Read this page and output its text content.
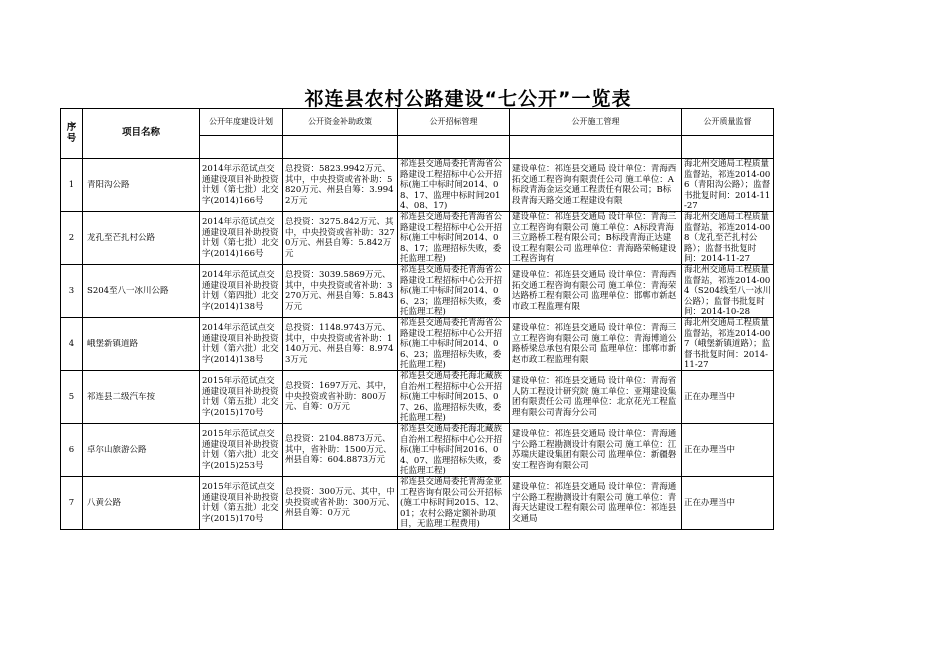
祁连县农村公路建设“七公开”一览表
序号	项目名称	公开年度建设计划	公开资金补助政策	公开招标管理	公开施工管理	公开质量监督

1	青阳沟公路	2014年示范试点交通建设项目补助投资计划（第七批）北交字(2014)166号	总投资：5823.9942万元、其中，中央投资或省补助：5820万元、州县自筹：3.9942万元	祁连县交通局委托青海省公路建设工程招标中心公开招标(施工中标时间2014、08、17、监理中标时间2014、08、17)	建设单位：祁连县交通局 设计单位：青海西拓交通工程咨询有限责任公司 施工单位：A标段青海金运交通工程责任有限公司；B标段青海天路交通工程建设有限	海北州交通局工程质量监督站，祁连2014-006（青阳沟公路）；监督书批复时间：2014-11-27

2	龙孔至芒扎村公路	2014年示范试点交通建设项目补助投资计划（第七批）北交字(2014)166号	总投资：3275.842万元、其中，中央投资或省补助：3270万元、州县自筹：5.842万元	祁连县交通局委托青海省公路建设工程招标中心公开招标(施工中标时间2014、08、17；监理招标失败，委托监理工程)	建设单位：祁连县交通局 设计单位：青海三立工程咨询有限公司 施工单位：A标段青海三立路桥工程有限公司；B标段青海正达建设工程有限公司 监理单位：青海路荣畅建设工程咨询有	海北州交通局工程质量监督站，祁连2014-008（龙孔至芒扎村公路）；监督书批复时间：2014-11-27

3	S204至八一冰川公路	2014年示范试点交通建设项目补助投资计划（第四批）北交字(2014)138号	总投资：3039.5869万元、其中，中央投资或省补助：3270万元、州县自筹：5.843万元	祁连县交通局委托青海省公路建设工程招标中心公开招标(施工中标时间2014、06、23；监理招标失败，委托监理工程)	建设单位：祁连县交通局 设计单位：青海西拓交通工程咨询有限公司 施工单位：青海荣达路桥工程有限公司 监理单位：邯郸市新赵市政工程监理有限	海北州交通局工程质量监督站，祁连2014-004（S204线至八一冰川公路）；监督书批复时间：2014-10-28

4	峨堡新镇道路	2014年示范试点交通建设项目补助投资计划（第六批）北交字(2014)138号	总投资：1148.9743万元、其中，中央投资或省补助：1140万元、州县自筹：8.9743万元	祁连县交通局委托青海省公路建设工程招标中心公开招标(施工中标时间2014、06、23；监理招标失败，委托监理工程)	建设单位：祁连县交通局 设计单位：青海三立工程咨询有限公司 施工单位：青海博道公路桥梁总承包有限公司 监理单位：邯郸市新赵市政工程监理有限	海北州交通局工程质量监督站，祁连2014-007（峨堡新镇道路）；监督书批复时间：2014-11-27

5	祁连县二级汽车按	2015年示范试点交通建设项目补助投资计划（第五批）北交字(2015)170号	总投资：1697万元、其中，中央投资或省补助：800万元、自筹：0万元	祁连县交通局委托海北藏族自治州工程招标中心公开招标(施工中标时间2015、07、26、监理招标失败，委托监理工程)	建设单位：祁连县交通局 设计单位：青海省人防工程设计研究院 施工单位：亚翔建设集团有限责任公司 监理单位：北京花光工程监理有限公司青海分公司	正在办理当中

6	卓尔山旅游公路	2015年示范试点交通建设项目补助投资计划（第六批）北交字(2015)253号	总投资：2104.8873万元、其中，省补助：1500万元、州县自筹：604.8873万元	祁连县交通局委托海北藏族自治州工程招标中心公开招标(施工中标时间2016、04、07、监理招标失败，委托监理工程)	建设单位：祁连县交通局 设计单位：青海通宁公路工程勘测设计有限公司 施工单位：江苏瑞庆建设集团有限公司 监理单位：新疆磐安工程咨询有限公司	正在办理当中

7	八黄公路	2015年示范试点交通建设项目补助投资计划（第五批）北交字(2015)170号	总投资：300万元、其中，中央投资或省补助：300万元、州县自筹：0万元	祁连县交通局委托青海金亚工程咨询有限公司公开招标(施工中标时间2015、12、01；农村公路定额补助项目，无监理工程费用)	建设单位：祁连县交通局 设计单位：青海通宁公路工程勘测设计有限公司 施工单位：青海天达建设工程有限公司 监理单位：祁连县交通局	正在办理当中
